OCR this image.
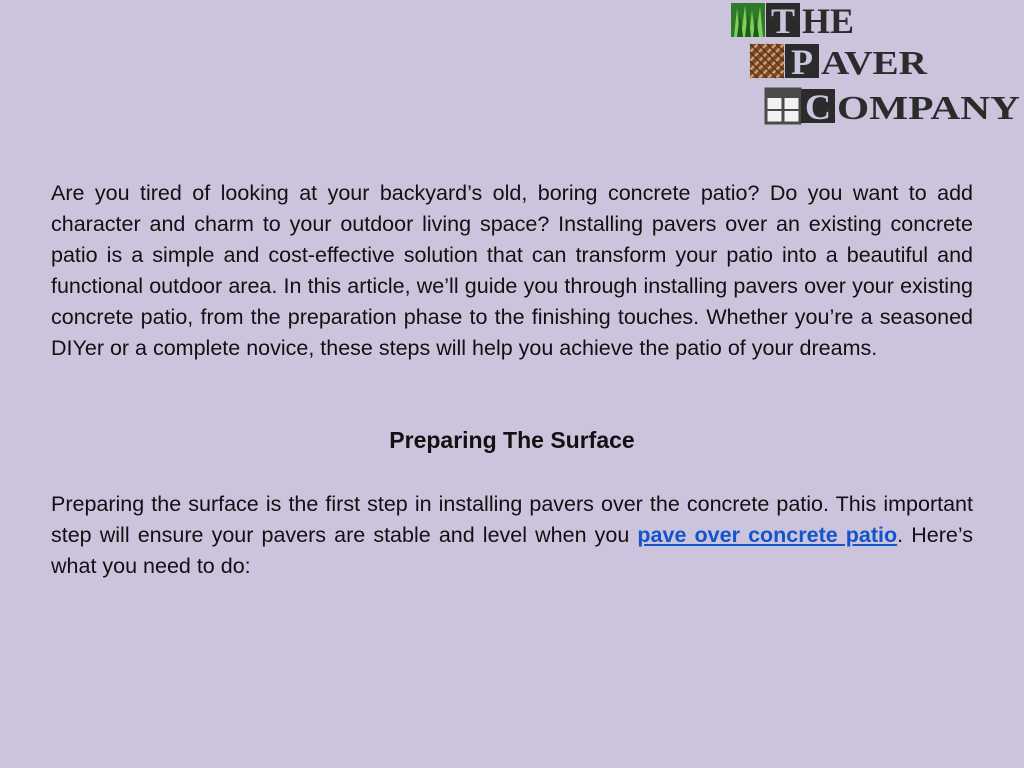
T HE
P AVER
C OMPANY

Are you tired of looking at your backyard’s old, boring concrete patio? Do you want to add character and charm to your outdoor living space? Installing pavers over an existing concrete patio is a simple and cost-effective solution that can transform your patio into a beautiful and functional outdoor area. In this article, we’ll guide you through installing pavers over your existing concrete patio, from the preparation phase to the finishing touches. Whether you’re a seasoned DIYer or a complete novice, these steps will help you achieve the patio of your dreams.

Preparing The Surface

Preparing the surface is the first step in installing pavers over the concrete patio. This important step will ensure your pavers are stable and level when you pave over concrete patio. Here’s what you need to do:
